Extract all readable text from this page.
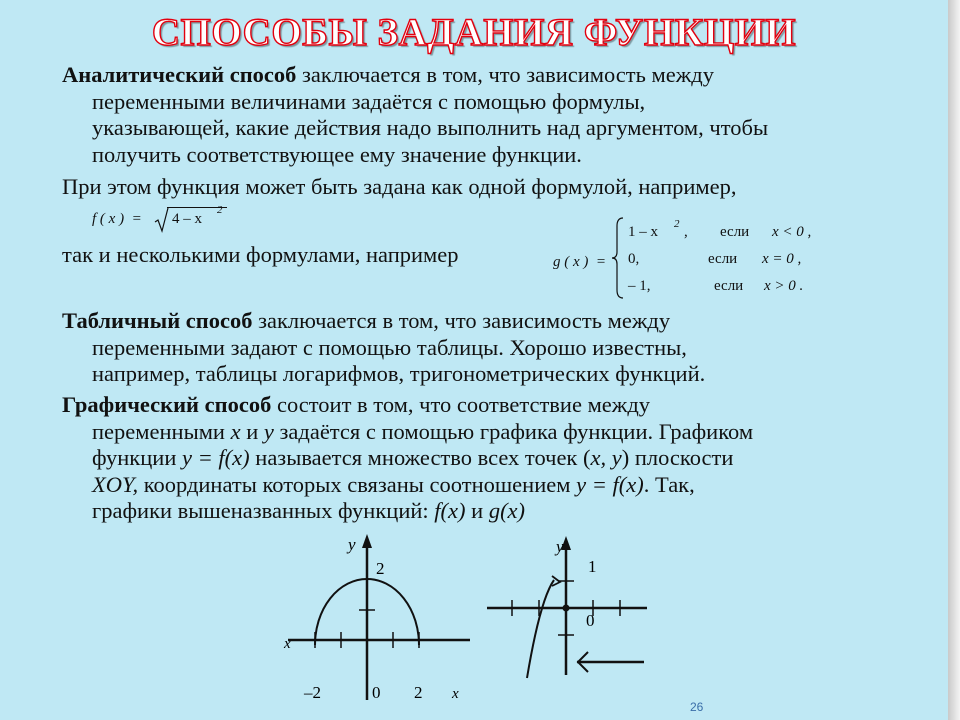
СПОСОБЫ ЗАДАНИЯ ФУНКЦИИ
Аналитический способ заключается в том, что зависимость между
переменными величинами задаётся с помощью формулы,
указывающей, какие действия надо выполнить над аргументом, чтобы
получить соответствующее ему значение функции.
При этом функция может быть задана как одной формулой, например,
f ( x )  = 4 – x
2
так и несколькими формулами, например	g ( x )  =
1 – x 2 , если x < 0 ,
0,	если x = 0 ,
– 1,	если x > 0 .
Табличный способ заключается в том, что зависимость между
переменными задают с помощью таблицы. Хорошо известны,
например, таблицы логарифмов, тригонометрических функций.
Графический способ состоит в том, что соответствие между
переменными x и y задаётся с помощью графика функции. Графиком
функции y = f(x) называется множество всех точек (x, y) плоскости
XOY, координаты которых связаны соотношением y = f(x). Так,
графики вышеназванных функций: f(x) и g(x)
y
2
x
–2	0 2 x
y
1
0
26
